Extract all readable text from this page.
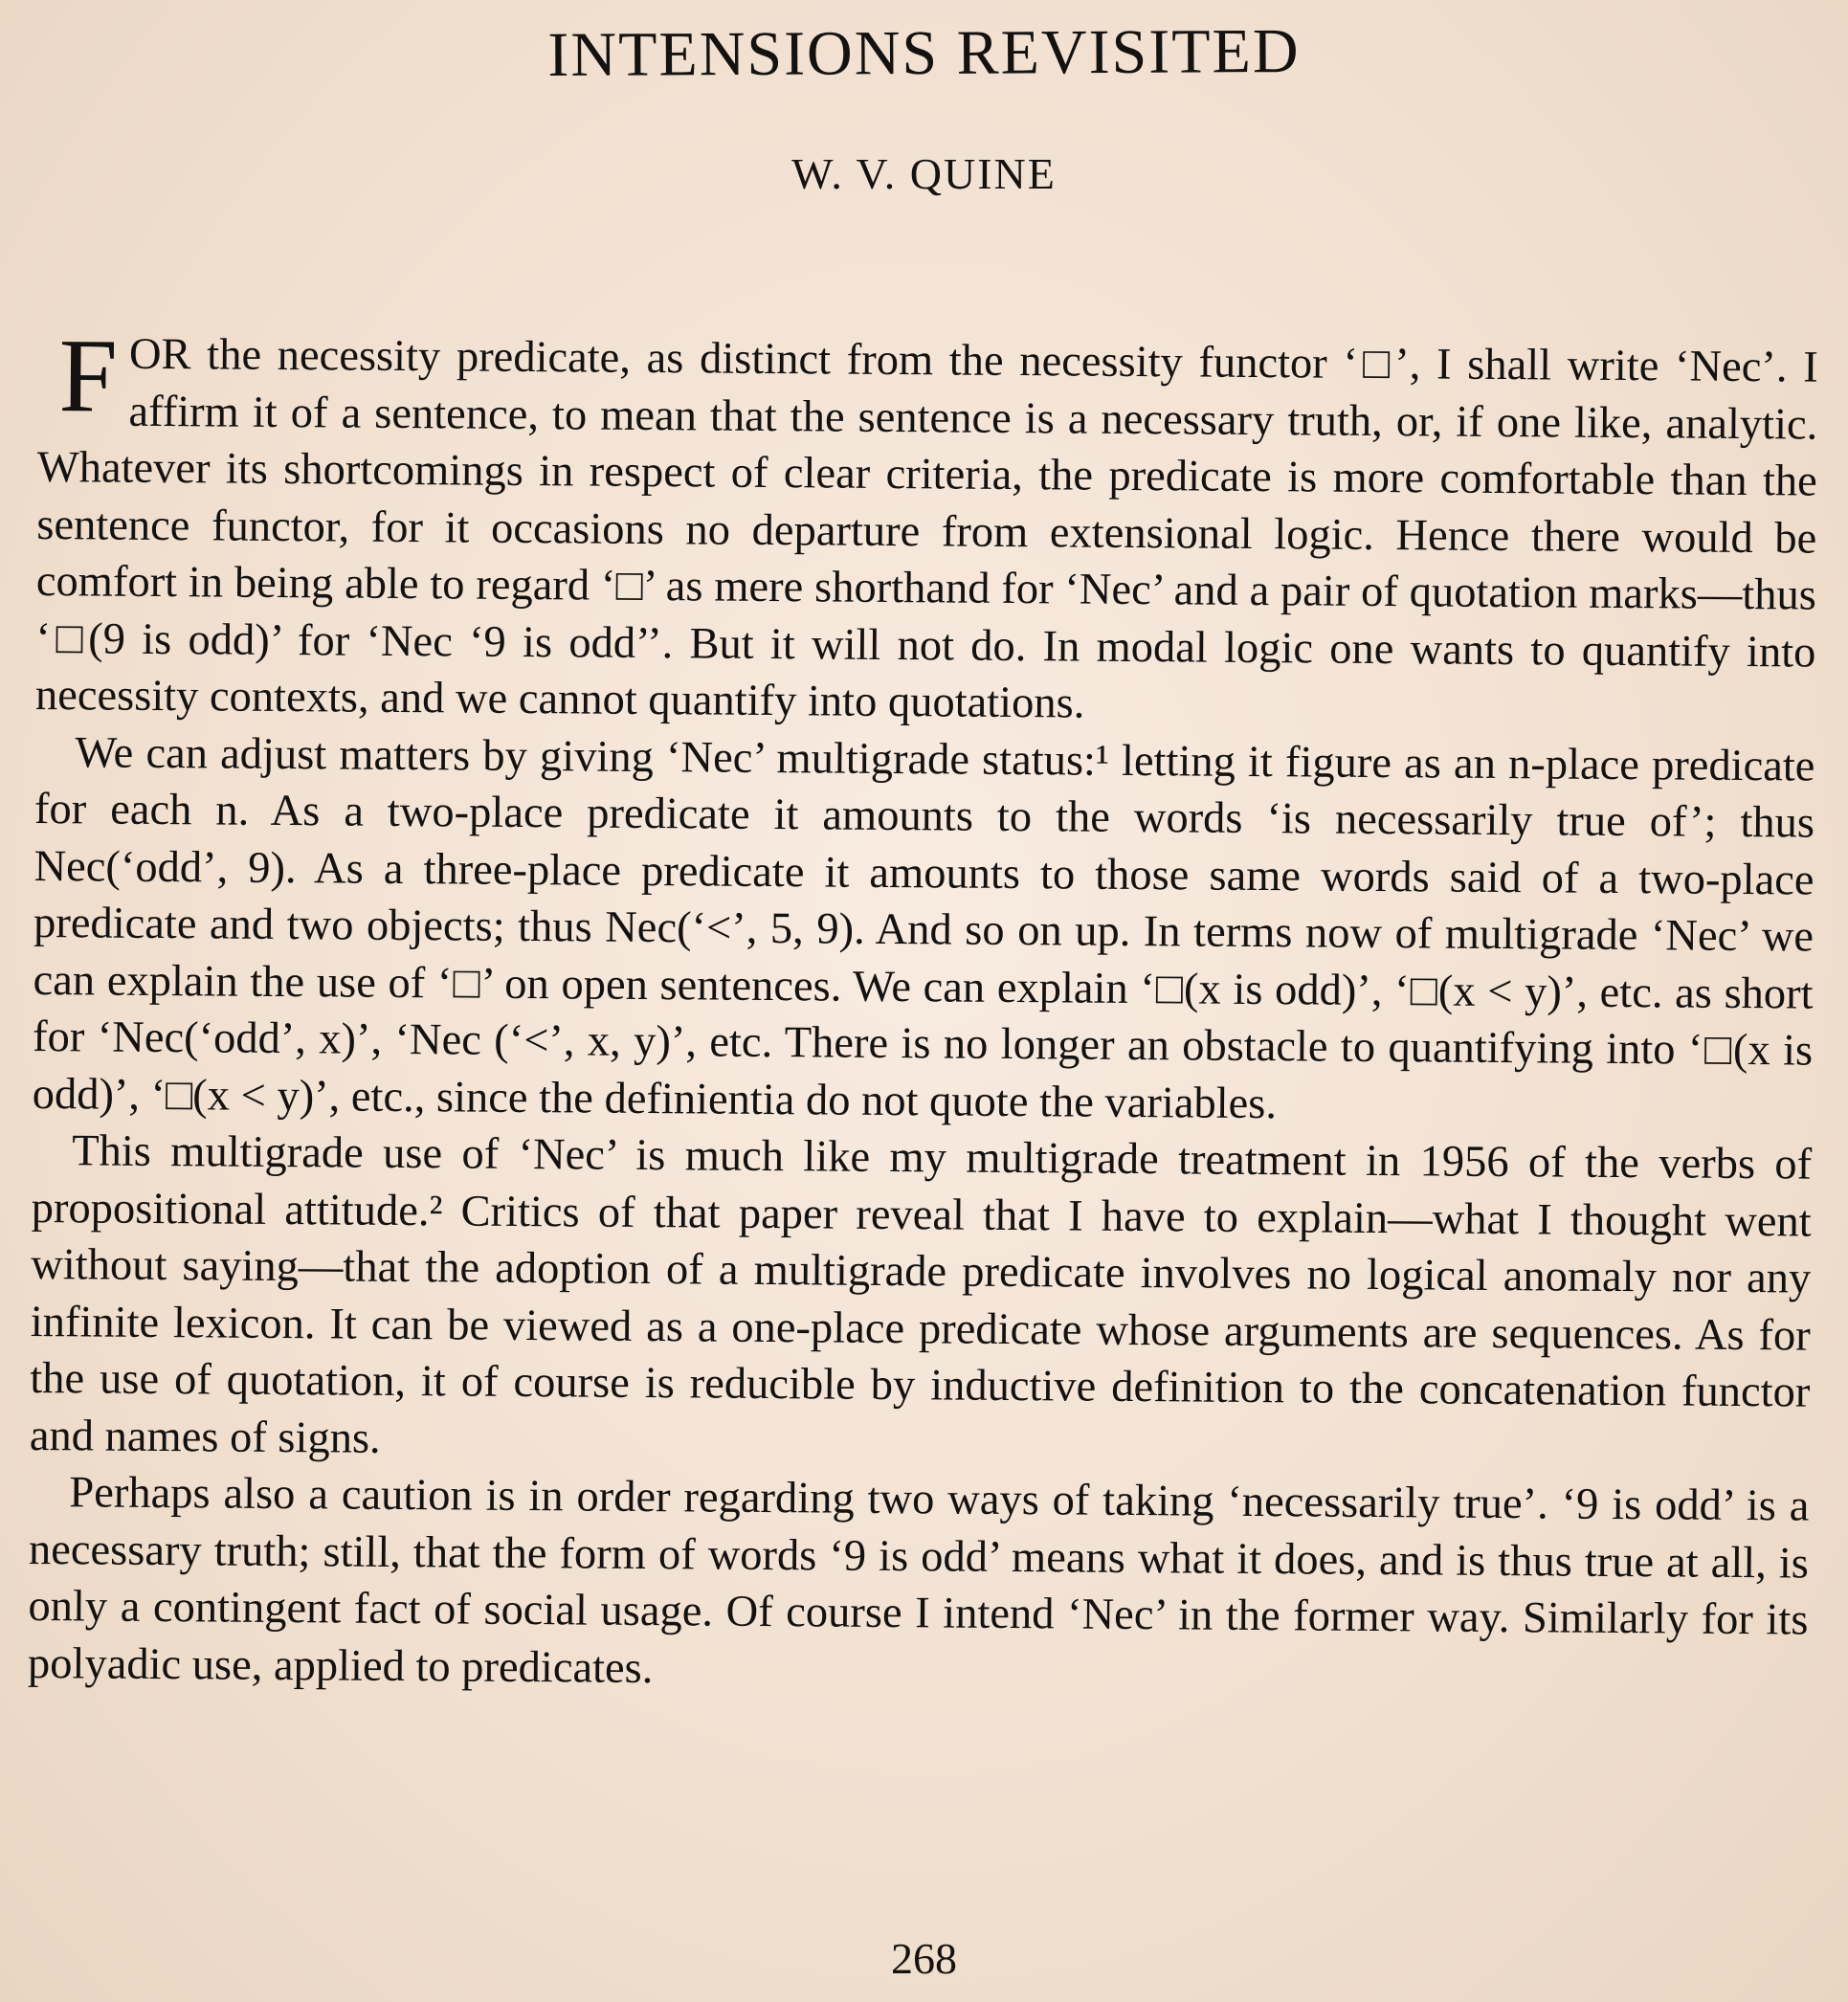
INTENSIONS REVISITED
W. V. QUINE

F OR the necessity predicate, as distinct from the necessity functor ‘□’, I shall write ‘Nec’. I affirm it of a sentence, to mean that the sentence is a necessary truth, or, if one like, analytic. Whatever its shortcomings in respect of clear criteria, the predicate is more comfortable than the sentence functor, for it occasions no departure from extensional logic. Hence there would be comfort in being able to regard ‘□’ as mere shorthand for ‘Nec’ and a pair of quotation marks—thus ‘□(9 is odd)’ for ‘Nec ‘9 is odd’’. But it will not do. In modal logic one wants to quantify into necessity contexts, and we cannot quantify into quotations.

We can adjust matters by giving ‘Nec’ multigrade status:¹ letting it figure as an n-place predicate for each n. As a two-place predicate it amounts to the words ‘is necessarily true of’; thus Nec(‘odd’, 9). As a three-place predicate it amounts to those same words said of a two-place predicate and two objects; thus Nec(‘<’, 5, 9). And so on up. In terms now of multigrade ‘Nec’ we can explain the use of ‘□’ on open sentences. We can explain ‘□(x is odd)’, ‘□(x < y)’, etc. as short for ‘Nec(‘odd’, x)’, ‘Nec (‘<’, x, y)’, etc. There is no longer an obstacle to quantifying into ‘□(x is odd)’, ‘□(x < y)’, etc., since the definientia do not quote the variables.

This multigrade use of ‘Nec’ is much like my multigrade treatment in 1956 of the verbs of propositional attitude.² Critics of that paper reveal that I have to explain—what I thought went without saying—that the adoption of a multigrade predicate involves no logical anomaly nor any infinite lexicon. It can be viewed as a one-place predicate whose arguments are sequences. As for the use of quotation, it of course is reducible by inductive definition to the concatenation functor and names of signs.

Perhaps also a caution is in order regarding two ways of taking ‘necessarily true’. ‘9 is odd’ is a necessary truth; still, that the form of words ‘9 is odd’ means what it does, and is thus true at all, is only a contingent fact of social usage. Of course I intend ‘Nec’ in the former way. Similarly for its polyadic use, applied to predicates.

268
